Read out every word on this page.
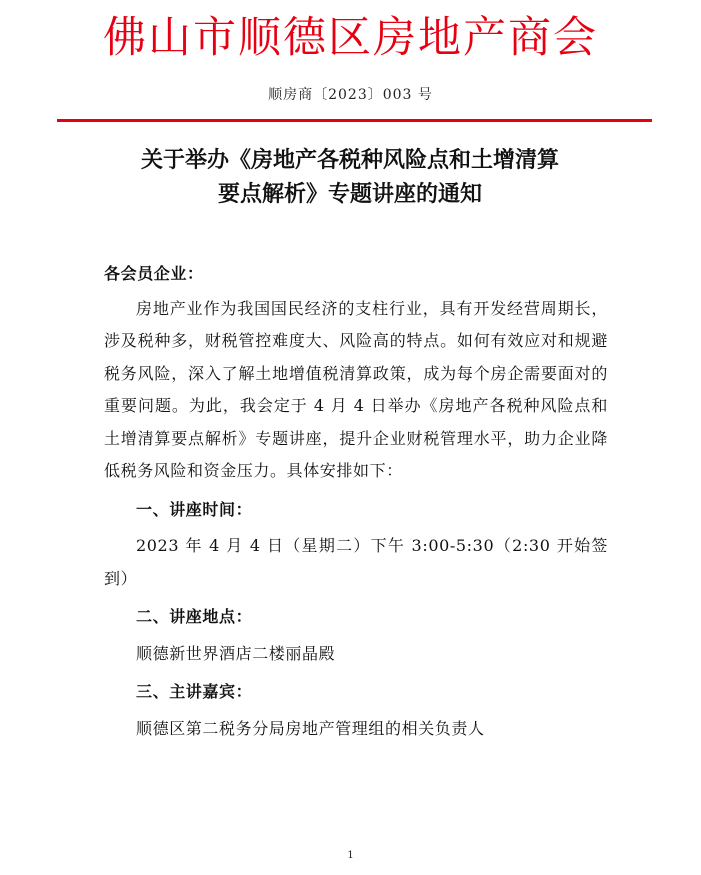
佛山市顺德区房地产商会
顺房商〔2023〕003 号
关于举办《房地产各税种风险点和土增清算
要点解析》专题讲座的通知

各会员企业：

房地产业作为我国国民经济的支柱行业，具有开发经营周期长，涉及税种多，财税管控难度大、风险高的特点。如何有效应对和规避税务风险，深入了解土地增值税清算政策，成为每个房企需要面对的重要问题。为此，我会定于 4 月 4 日举办《房地产各税种风险点和土增清算要点解析》专题讲座，提升企业财税管理水平，助力企业降低税务风险和资金压力。具体安排如下：

一、讲座时间：

2023 年 4 月 4 日（星期二）下午 3:00-5:30（2:30 开始签到）

二、讲座地点：

顺德新世界酒店二楼丽晶殿

三、主讲嘉宾：

顺德区第二税务分局房地产管理组的相关负责人

1
